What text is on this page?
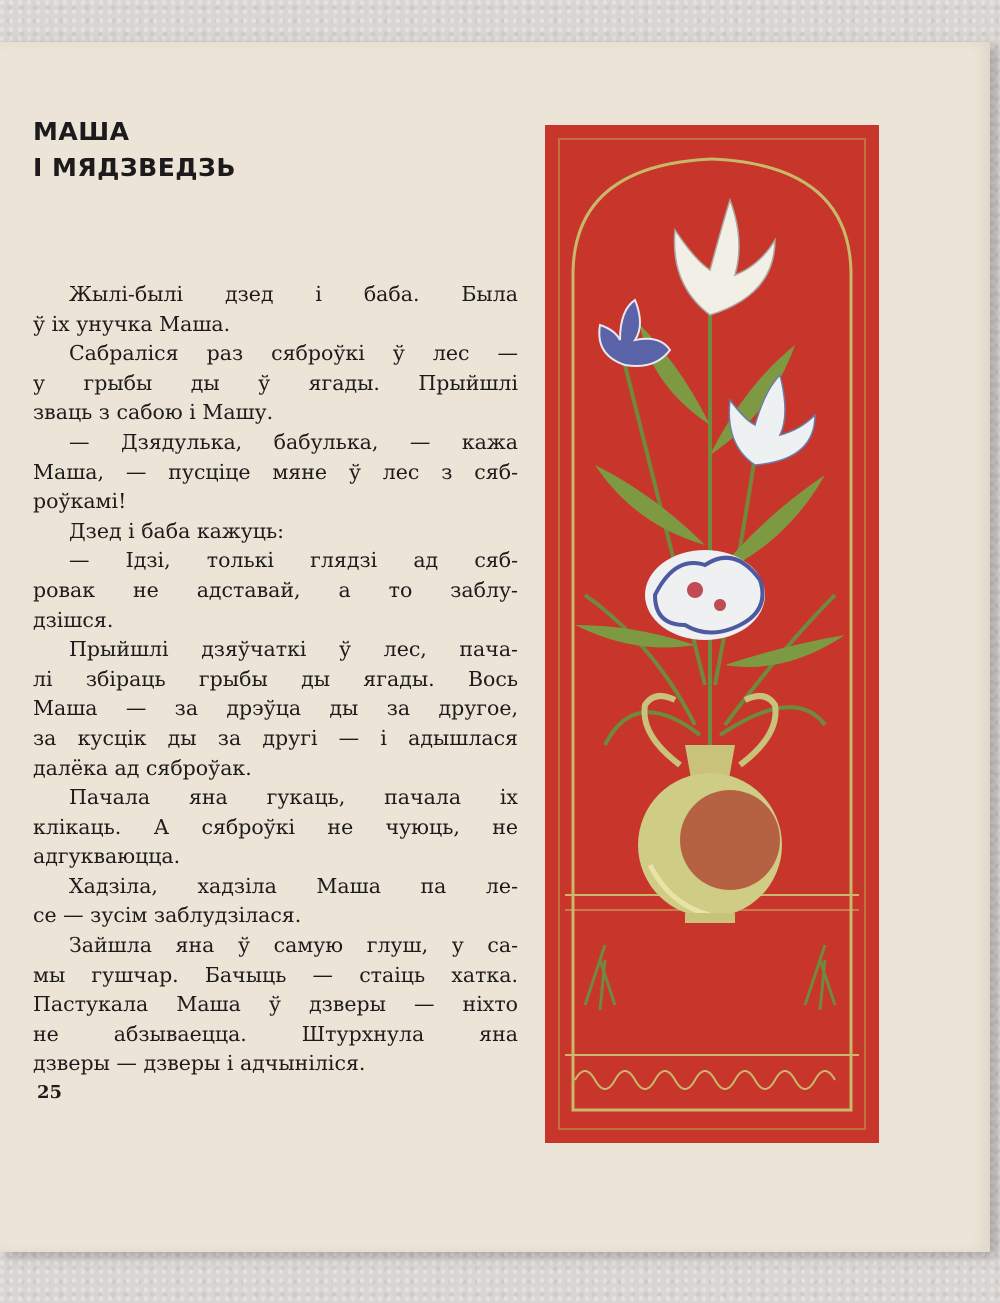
МАША
І МЯДЗВЕДЗЬ
Жылі-былі дзед і баба. Была
ў іх унучка Маша.
Сабраліся раз сяброўкі ў лес —
у грыбы ды ў ягады. Прыйшлі
зваць з сабою і Машу.
— Дзядулька, бабулька, — кажа
Маша, — пусціце мяне ў лес з сяб-
роўкамі!
Дзед і баба кажуць:
— Ідзі, толькі глядзі ад сяб-
ровак не адставай, а то заблу-
дзішся.
Прыйшлі дзяўчаткі ў лес, пача-
лі збіраць грыбы ды ягады. Вось
Маша — за дрэўца ды за другое,
за кусцік ды за другі — і адышлася
далёка ад сяброўак.
Пачала яна гукаць, пачала іх
клікаць. А сяброўкі не чуюць, не
адгукваюцца.
Хадзіла, хадзіла Маша па ле-
се — зусім заблудзілася.
Зайшла яна ў самую глуш, у са-
мы гушчар. Бачыць — стаіць хатка.
Пастукала Маша ў дзверы — ніхто
не абзываецца. Штурхнула яна
дзверы — дзверы і адчыніліся.
25
